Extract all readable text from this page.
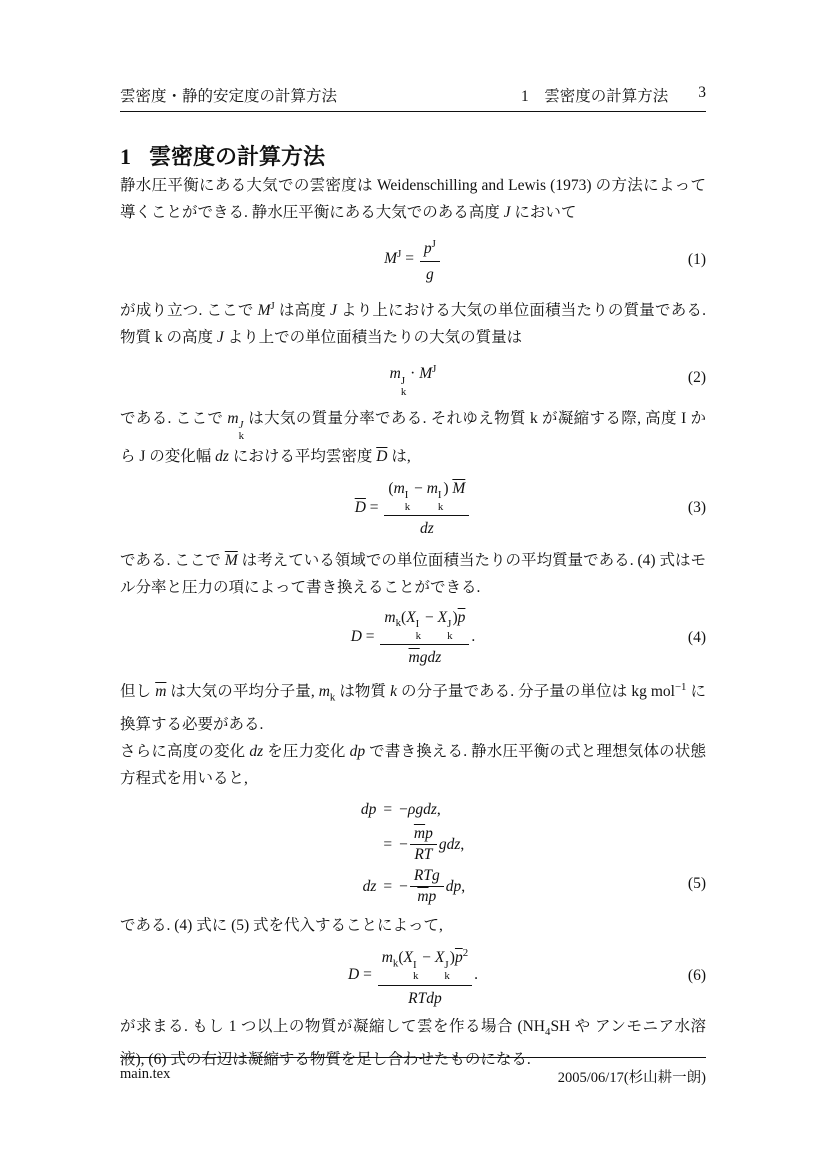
雲密度・静的安定度の計算方法	1　雲密度の計算方法 3
1 雲密度の計算方法

静水圧平衡にある大気での雲密度は Weidenschilling and Lewis (1973) の方法によって導くことができる. 静水圧平衡にある大気でのある高度 J において

$M^J = \frac{p^J}{g}$	(1)

が成り立つ. ここで $M^J$ は高度 J より上における大気の単位面積当たりの質量である. 物質 k の高度 J より上での単位面積当たりの大気の質量は

m J
k
· $M^J$	(2)

である. ここで m J
k
は大気の質量分率である. それゆえ物質 k が凝縮する際, 高度 I から J の変化幅 dz における平均雲密度 $\overline{D}$ は,

$\overline{D} = (m$ I
k
− m I
k
) $\overline{M}$
dz	(3)

である. ここで $\overline{M}$ は考えている領域での単位面積当たりの平均質量である. (4) 式はモル分率と圧力の項によって書き換えることができる.

$D = m_k(X$ I
k
− X J
k
)$\overline{p}$
$\overline{m}gdz$ .	(4)

但し $\overline{m}$ は大気の平均分子量, $m_k$ は物質 k の分子量である. 分子量の単位は kg mol$^{-1}$ に換算する必要がある.

さらに高度の変化 dz を圧力変化 dp で書き換える. 静水圧平衡の式と理想気体の状態方程式を用いると,

dp = − ρgdz ,
= − $\frac{\overline{m}p}{RT}$ gdz ,
dz = − $\frac{\text{RTg}}{\overline{m}p}$ dp ,	(5)

である. (4) 式に (5) 式を代入することによって,

$D = m_k(X$ I
k
− X J
k
)$\overline{p}^2$
RTdp .	(6)

が求まる. もし 1 つ以上の物質が凝縮して雲を作る場合 ($NH_4SH$ や アンモニア水溶液), (6) 式の右辺は凝縮する物質を足し合わせたものになる.

main.tex	2005/06/17(杉山耕一朗)
